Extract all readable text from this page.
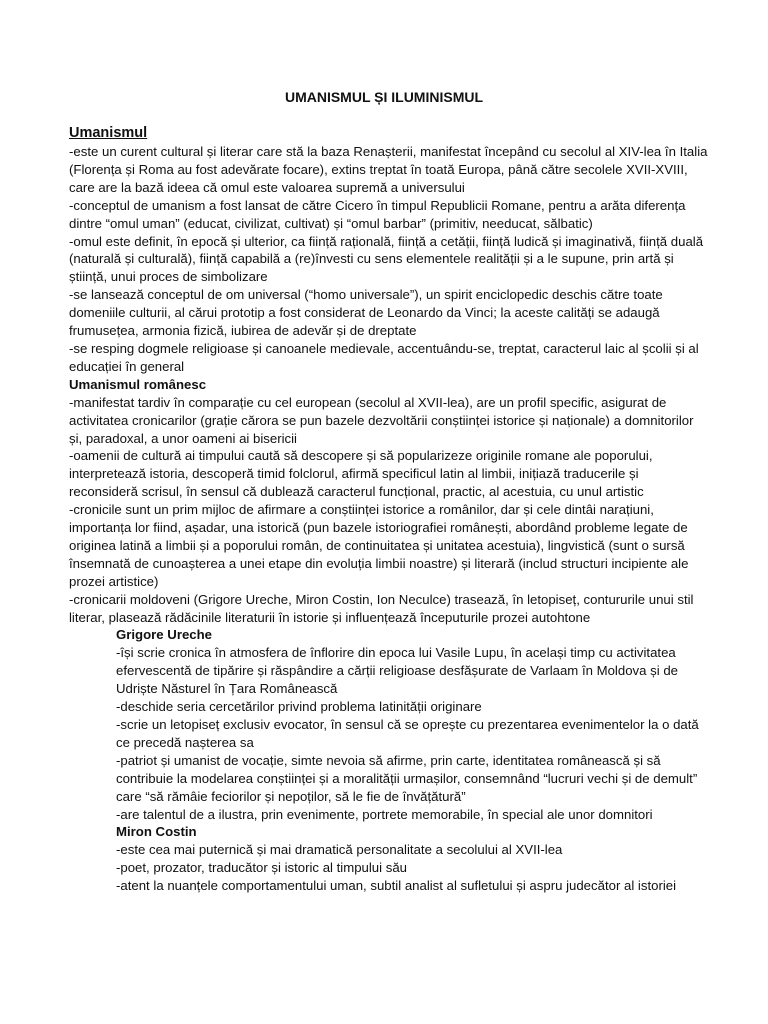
UMANISMUL ȘI ILUMINISMUL

Umanismul

-este un curent cultural și literar care stă la baza Renașterii, manifestat începând cu secolul al XIV-lea în Italia (Florența și Roma au fost adevărate focare), extins treptat în toată Europa, până către secolele XVII-XVIII, care are la bază ideea că omul este valoarea supremă a universului

-conceptul de umanism a fost lansat de către Cicero în timpul Republicii Romane, pentru a arăta diferența dintre “omul uman” (educat, civilizat, cultivat) și “omul barbar” (primitiv, needucat, sălbatic)

-omul este definit, în epocă și ulterior, ca ființă rațională, ființă a cetății, ființă ludică și imaginativă, ființă duală (naturală și culturală), ființă capabilă a (re)învesti cu sens elementele realității și a le supune, prin artă și știință, unui proces de simbolizare

-se lansează conceptul de om universal (“homo universale”), un spirit enciclopedic deschis către toate domeniile culturii, al cărui prototip a fost considerat de Leonardo da Vinci; la aceste calități se adaugă frumusețea, armonia fizică, iubirea de adevăr și de dreptate

-se resping dogmele religioase și canoanele medievale, accentuându-se, treptat, caracterul laic al școlii și al educației în general

Umanismul românesc

-manifestat tardiv în comparație cu cel european (secolul al XVII-lea), are un profil specific, asigurat de activitatea cronicarilor (grație cărora se pun bazele dezvoltării conștiinței istorice și naționale) a domnitorilor și, paradoxal, a unor oameni ai bisericii

-oamenii de cultură ai timpului caută să descopere și să popularizeze originile romane ale poporului, interpretează istoria, descoperă timid folclorul, afirmă specificul latin al limbii, inițiază traducerile și reconsideră scrisul, în sensul că dublează caracterul funcțional, practic, al acestuia, cu unul artistic

-cronicile sunt un prim mijloc de afirmare a conștiinței istorice a românilor, dar și cele dintâi narațiuni, importanța lor fiind, așadar, una istorică (pun bazele istoriografiei românești, abordând probleme legate de originea latină a limbii și a poporului român, de continuitatea și unitatea acestuia), lingvistică (sunt o sursă însemnată de cunoașterea a unei etape din evoluția limbii noastre) și literară (includ structuri incipiente ale prozei artistice)

-cronicarii moldoveni (Grigore Ureche, Miron Costin, Ion Neculce) trasează, în letopiseț, contururile unui stil literar, plasează rădăcinile literaturii în istorie și influențează începuturile prozei autohtone

Grigore Ureche

-își scrie cronica în atmosfera de înflorire din epoca lui Vasile Lupu, în același timp cu activitatea efervescentă de tipărire și răspândire a cărții religioase desfășurate de Varlaam în Moldova și de Udriște Năsturel în Țara Românească

-deschide seria cercetărilor privind problema latinității originare

-scrie un letopiseț exclusiv evocator, în sensul că se oprește cu prezentarea evenimentelor la o dată ce precedă nașterea sa

-patriot și umanist de vocație, simte nevoia să afirme, prin carte, identitatea românească și să contribuie la modelarea conștiinței și a moralității urmașilor, consemnând “lucruri vechi și de demult” care “să rămâie feciorilor și nepoților, să le fie de învățătură”

-are talentul de a ilustra, prin evenimente, portrete memorabile, în special ale unor domnitori

Miron Costin

-este cea mai puternică și mai dramatică personalitate a secolului al XVII-lea

-poet, prozator, traducător și istoric al timpului său

-atent la nuanțele comportamentului uman, subtil analist al sufletului și aspru judecător al istoriei
